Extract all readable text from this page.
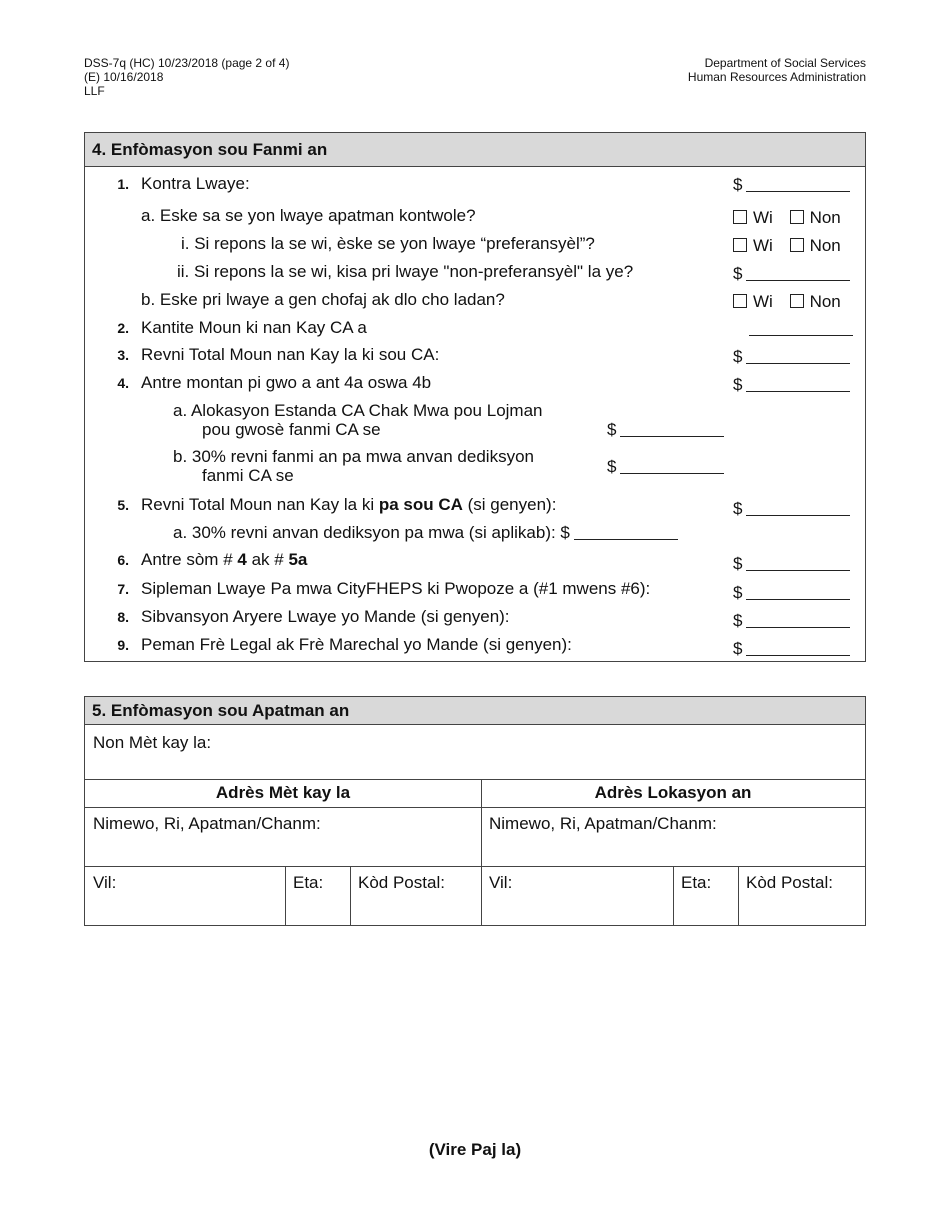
DSS-7q (HC) 10/23/2018 (page 2 of 4)
(E) 10/16/2018
LLF
Department of Social Services
Human Resources Administration
4. Enfòmasyon sou Fanmi an
1. Kontra Lwaye:	$
a. Eske sa se yon lwaye apatman kontwole?	Wi Non
i. Si repons la se wi, èske se yon lwaye “preferansyèl”?	Wi Non
ii. Si repons la se wi, kisa pri lwaye "non-preferansyèl" la ye?	$
b. Eske pri lwaye a gen chofaj ak dlo cho ladan?	Wi Non
2. Kantite Moun ki nan Kay CA a
3. Revni Total Moun nan Kay la ki sou CA:	$
4. Antre montan pi gwo a ant 4a oswa 4b	$
a. Alokasyon Estanda CA Chak Mwa pou Lojman
pou gwosè fanmi CA se	$
b. 30% revni fanmi an pa mwa anvan dediksyon
fanmi CA se	$
5. Revni Total Moun nan Kay la ki pa sou CA (si genyen):	$
a. 30% revni anvan dediksyon pa mwa (si aplikab): $
6. Antre sòm # 4 ak # 5a	$
7. Sipleman Lwaye Pa mwa CityFHEPS ki Pwopoze a (#1 mwens #6):	$
8. Sibvansyon Aryere Lwaye yo Mande (si genyen):	$
9. Peman Frè Legal ak Frè Marechal yo Mande (si genyen):	$
5. Enfòmasyon sou Apatman an
Non Mèt kay la:
Adrès Mèt kay la	Adrès Lokasyon an
Nimewo, Ri, Apatman/Chanm:	Nimewo, Ri, Apatman/Chanm:
Vil:	Eta: Kòd Postal:	Vil:	Eta: Kòd Postal:
(Vire Paj la)
